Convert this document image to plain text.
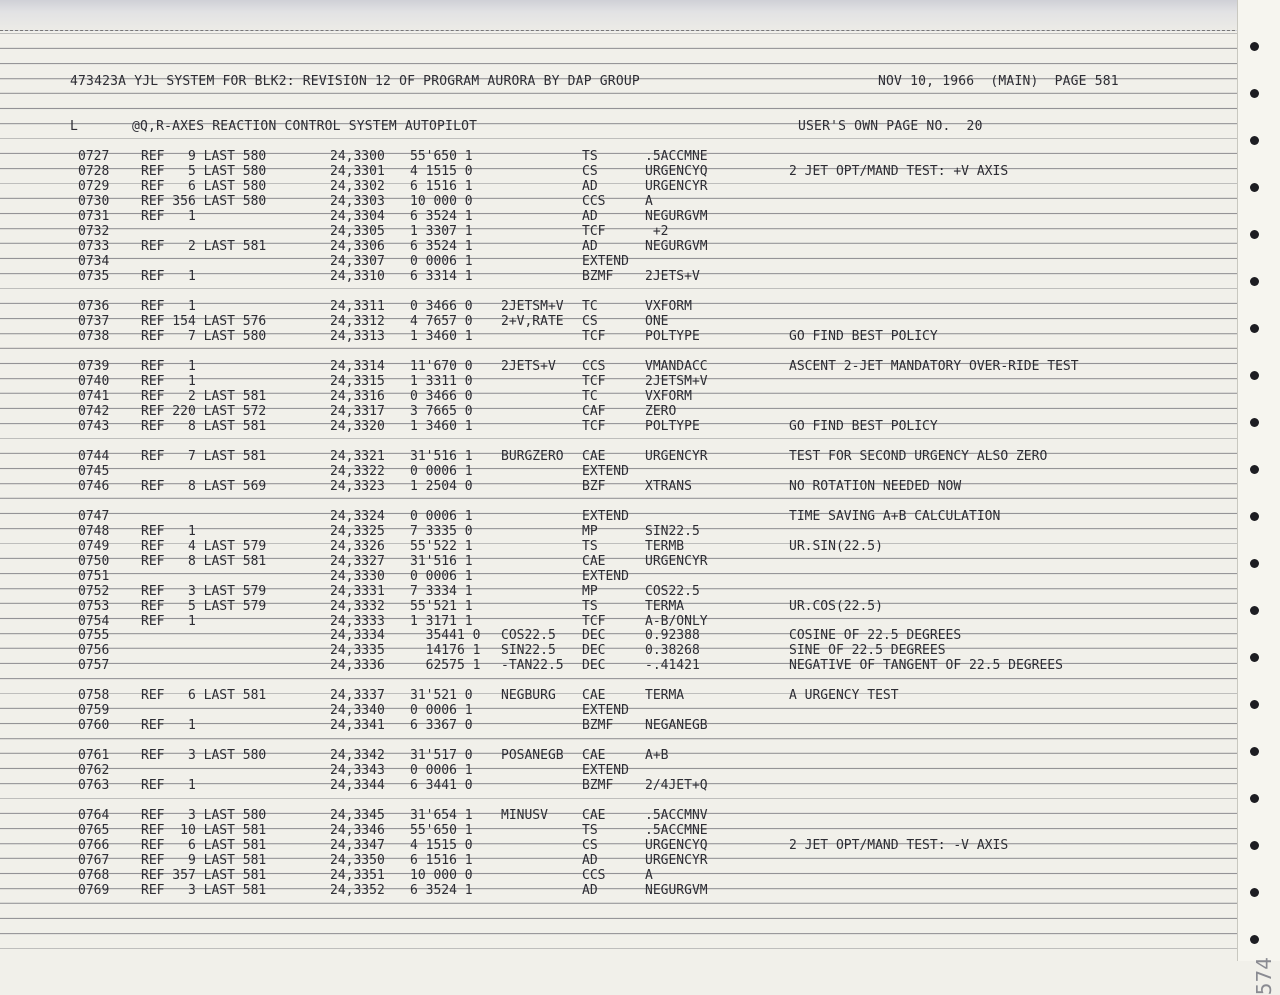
473423A YJL SYSTEM FOR BLK2: REVISION 12 OF PROGRAM AURORA BY DAP GROUP	NOV 10, 1966  (MAIN)  PAGE 581
L	@Q,R-AXES REACTION CONTROL SYSTEM AUTOPILOT	USER'S OWN PAGE NO.  20
0727 REF   9 LAST 580	24,3300 55'650 1	TS	.5ACCMNE
0728 REF   5 LAST 580	24,3301 4 1515 0	CS	URGENCYQ	2 JET OPT/MAND TEST: +V AXIS
0729 REF   6 LAST 580	24,3302 6 1516 1	AD	URGENCYR
0730 REF 356 LAST 580	24,3303 10 000 0	CCS	A
0731 REF   1	24,3304 6 3524 1	AD	NEGURGVM
0732	24,3305 1 3307 1	TCF	+2
0733 REF   2 LAST 581	24,3306 6 3524 1	AD	NEGURGVM
0734	24,3307 0 0006 1	EXTEND
0735 REF   1	24,3310 6 3314 1	BZMF 2JETS+V
0736 REF   1	24,3311 0 3466 0 2JETSM+V TC	VXFORM
0737 REF 154 LAST 576	24,3312 4 7657 0 2+V,RATE CS	ONE
0738 REF   7 LAST 580	24,3313 1 3460 1	TCF	POLTYPE	GO FIND BEST POLICY
0739 REF   1	24,3314 11'670 0 2JETS+V CCS	VMANDACC	ASCENT 2-JET MANDATORY OVER-RIDE TEST
0740 REF   1	24,3315 1 3311 0	TCF	2JETSM+V
0741 REF   2 LAST 581	24,3316 0 3466 0	TC	VXFORM
0742 REF 220 LAST 572	24,3317 3 7665 0	CAF	ZERO
0743 REF   8 LAST 581	24,3320 1 3460 1	TCF	POLTYPE	GO FIND BEST POLICY
0744 REF   7 LAST 581	24,3321 31'516 1 BURGZERO CAE	URGENCYR	TEST FOR SECOND URGENCY ALSO ZERO
0745	24,3322 0 0006 1	EXTEND
0746 REF   8 LAST 569	24,3323 1 2504 0	BZF	XTRANS	NO ROTATION NEEDED NOW
0747	24,3324 0 0006 1	EXTEND	TIME SAVING A+B CALCULATION
0748 REF   1	24,3325 7 3335 0	MP	SIN22.5
0749 REF   4 LAST 579	24,3326 55'522 1	TS	TERMB	UR.SIN(22.5)
0750 REF   8 LAST 581	24,3327 31'516 1	CAE	URGENCYR
0751	24,3330 0 0006 1	EXTEND
0752 REF   3 LAST 579	24,3331 7 3334 1	MP	COS22.5
0753 REF   5 LAST 579	24,3332 55'521 1	TS	TERMA	UR.COS(22.5)
0754 REF   1	24,3333 1 3171 1	TCF	A-B/ONLY
0755	24,3334 35441 0 COS22.5 DEC	0.92388	COSINE OF 22.5 DEGREES
0756	24,3335 14176 1 SIN22.5 DEC	0.38268	SINE OF 22.5 DEGREES
0757	24,3336 62575 1 -TAN22.5 DEC	-.41421	NEGATIVE OF TANGENT OF 22.5 DEGREES
0758 REF   6 LAST 581	24,3337 31'521 0 NEGBURG CAE	TERMA	A URGENCY TEST
0759	24,3340 0 0006 1	EXTEND
0760 REF   1	24,3341 6 3367 0	BZMF NEGANEGB
0761 REF   3 LAST 580	24,3342 31'517 0 POSANEGB CAE	A+B
0762	24,3343 0 0006 1	EXTEND
0763 REF   1	24,3344 6 3441 0	BZMF 2/4JET+Q
0764 REF   3 LAST 580	24,3345 31'654 1 MINUSV	CAE	.5ACCMNV
0765 REF  10 LAST 581	24,3346 55'650 1	TS	.5ACCMNE
0766 REF   6 LAST 581	24,3347 4 1515 0	CS	URGENCYQ	2 JET OPT/MAND TEST: -V AXIS
0767 REF   9 LAST 581	24,3350 6 1516 1	AD	URGENCYR
0768 REF 357 LAST 581	24,3351 10 000 0	CCS	A
0769 REF   3 LAST 581	24,3352 6 3524 1	AD	NEGURGVM
574
